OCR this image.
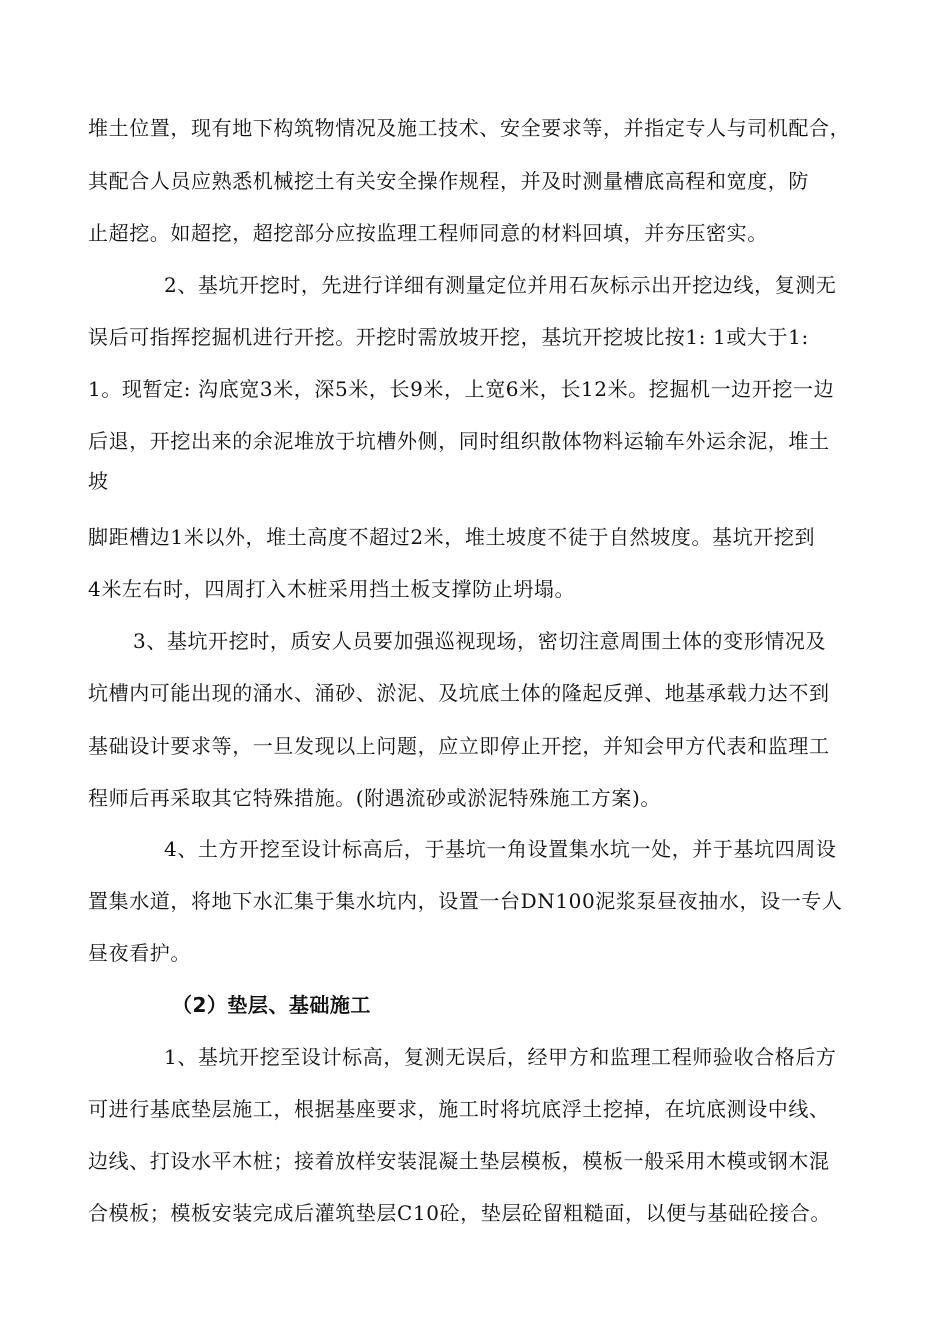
堆土位置，现有地下构筑物情况及施工技术、安全要求等，并指定专人与司机配合，

其配合人员应熟悉机械挖土有关安全操作规程，并及时测量槽底高程和宽度，防

止超挖。如超挖，超挖部分应按监理工程师同意的材料回填，并夯压密实。

2、基坑开挖时，先进行详细有测量定位并用石灰标示出开挖边线，复测无

误后可指挥挖掘机进行开挖。开挖时需放坡开挖，基坑开挖坡比按1: 1或大于1:

1。现暂定: 沟底宽3米，深5米，长9米，上宽6米，长12米。挖掘机一边开挖一边

后退，开挖出来的余泥堆放于坑槽外侧，同时组织散体物料运输车外运余泥，堆土

坡

脚距槽边1米以外，堆土高度不超过2米，堆土坡度不徒于自然坡度。基坑开挖到

4米左右时，四周打入木桩采用挡土板支撑防止坍塌。

3、基坑开挖时，质安人员要加强巡视现场，密切注意周围土体的变形情况及

坑槽内可能出现的涌水、涌砂、淤泥、及坑底土体的隆起反弹、地基承载力达不到

基础设计要求等，一旦发现以上问题，应立即停止开挖，并知会甲方代表和监理工

程师后再采取其它特殊措施。(附遇流砂或淤泥特殊施工方案)。

4、土方开挖至设计标高后，于基坑一角设置集水坑一处，并于基坑四周设

置集水道，将地下水汇集于集水坑内，设置一台DN100泥浆泵昼夜抽水，设一专人

昼夜看护。

（2）垫层、基础施工

1、基坑开挖至设计标高，复测无误后，经甲方和监理工程师验收合格后方

可进行基底垫层施工，根据基座要求，施工时将坑底浮土挖掉，在坑底测设中线、

边线、打设水平木桩；接着放样安装混凝土垫层模板，模板一般采用木模或钢木混

合模板；模板安装完成后灌筑垫层C10砼，垫层砼留粗糙面，以便与基础砼接合。
